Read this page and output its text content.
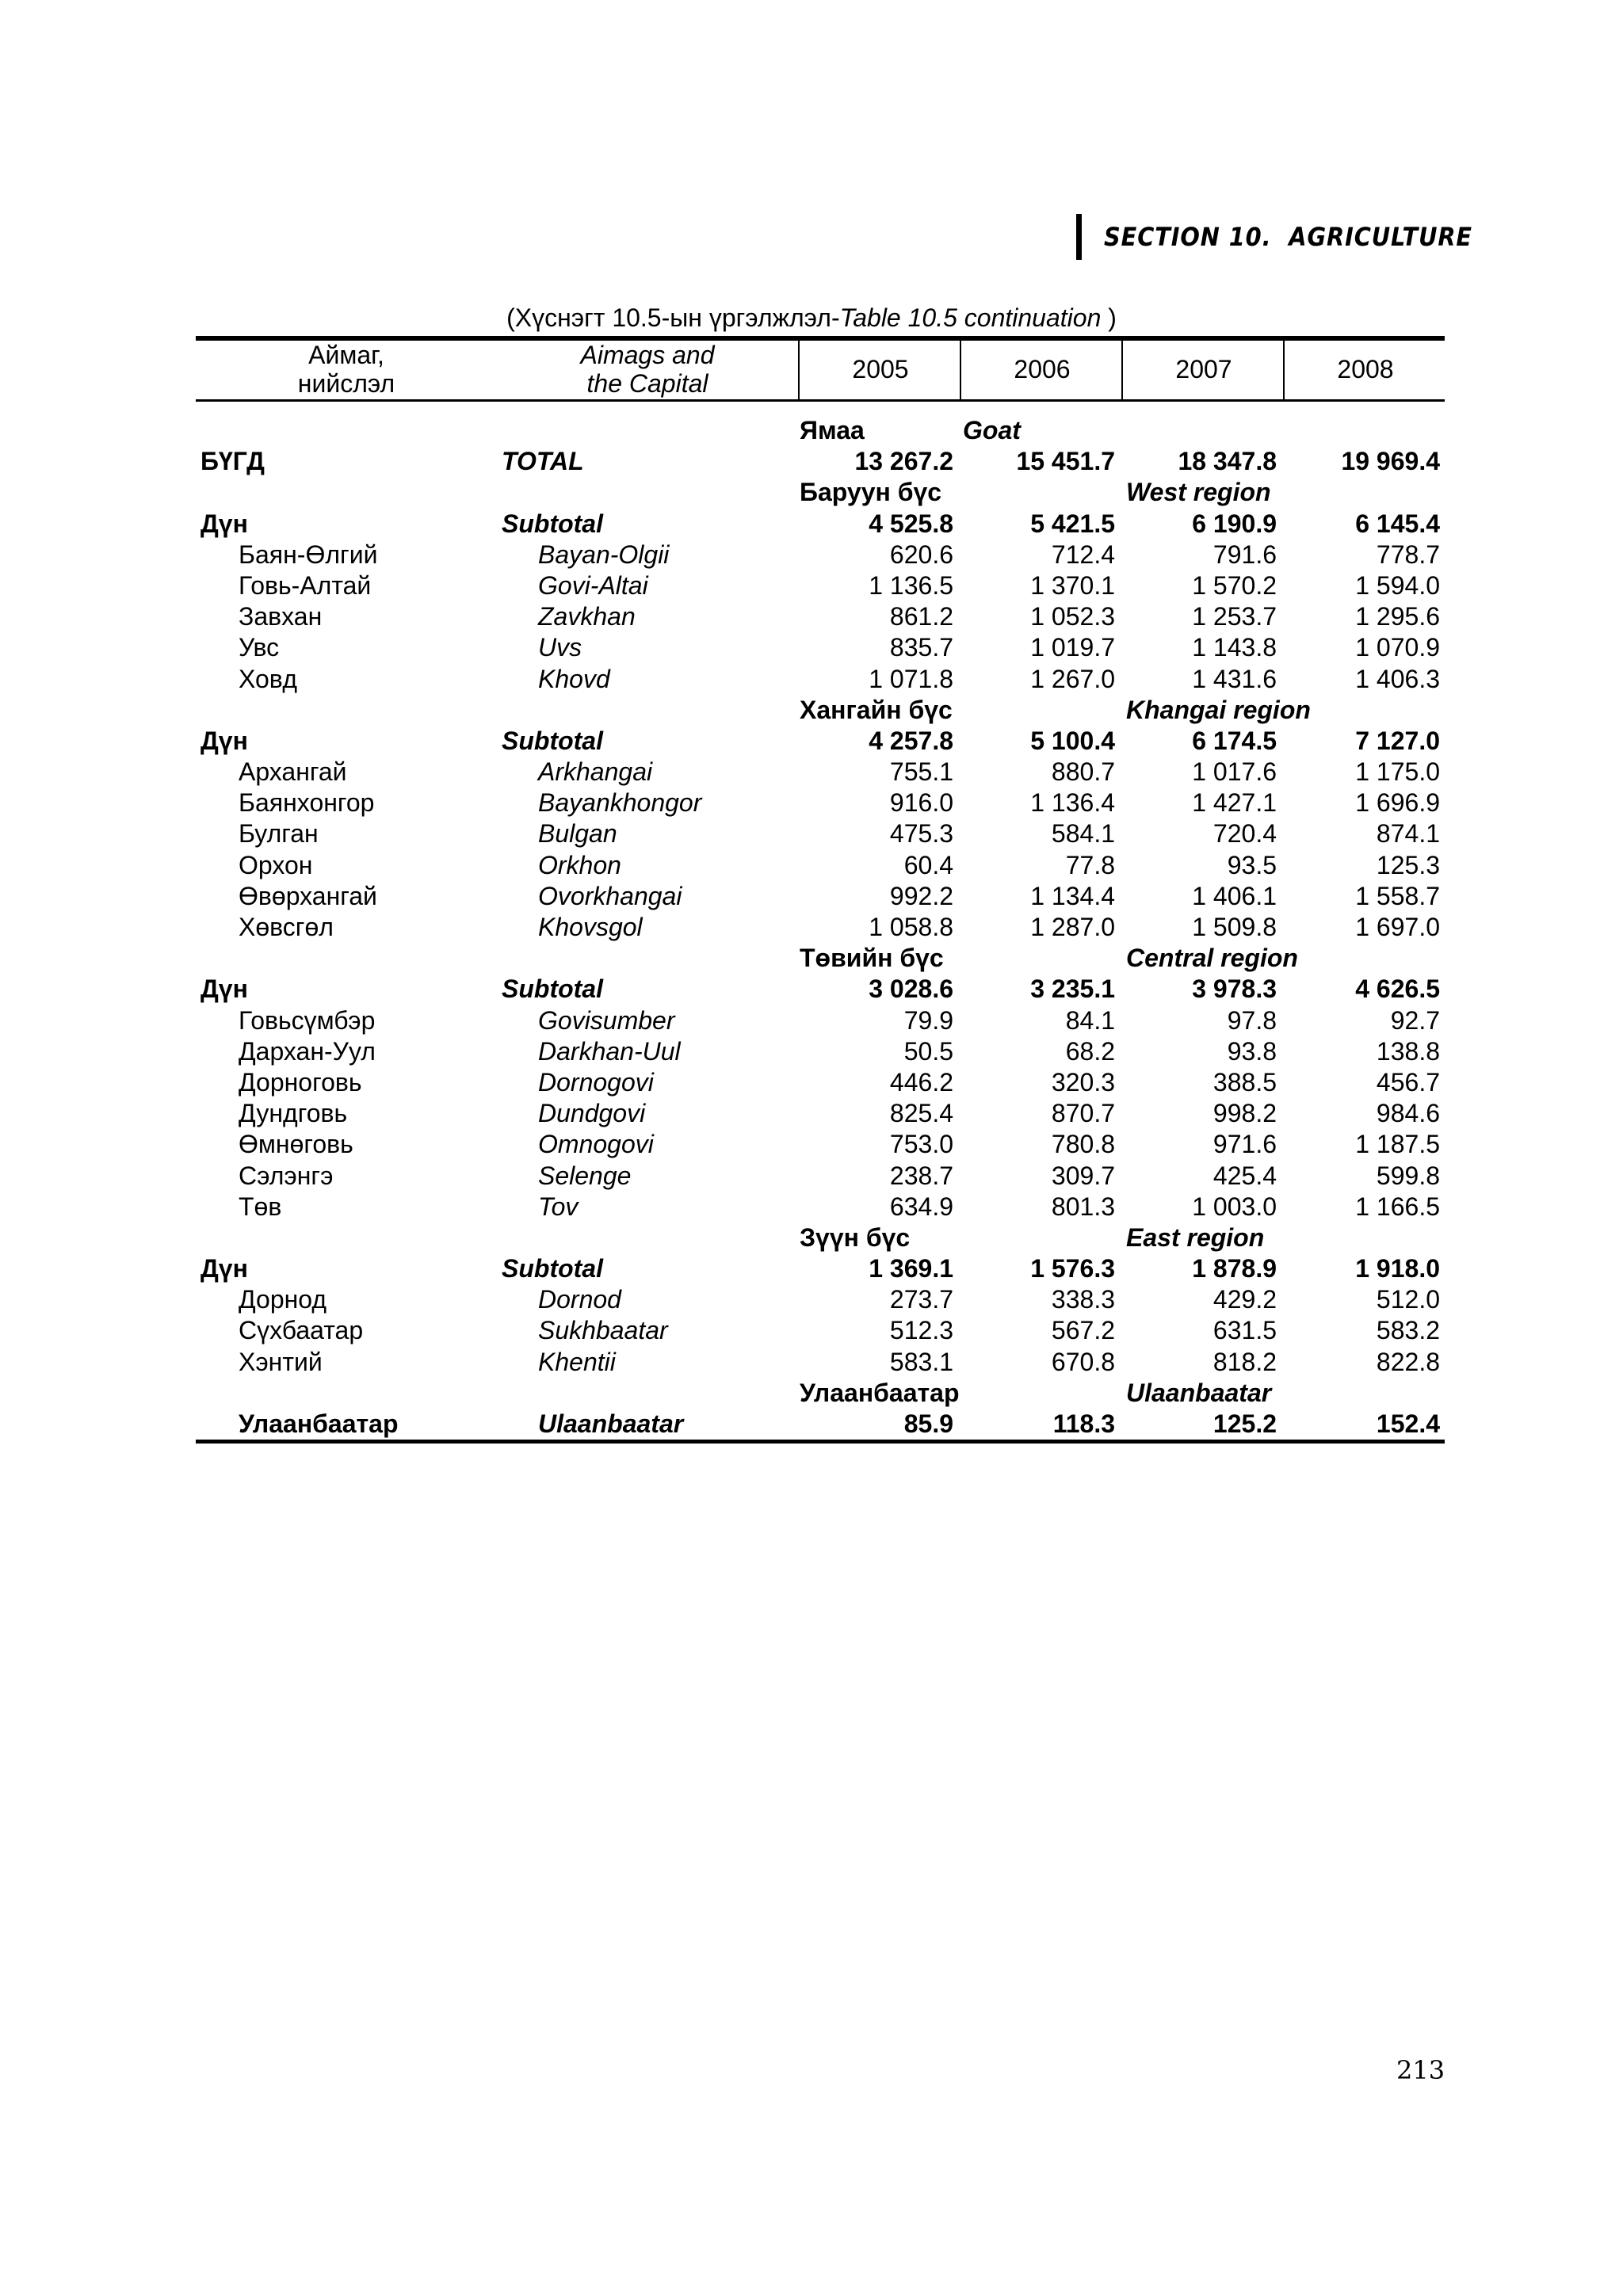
SECTION 10. AGRICULTURE
(Хүснэгт 10.5-ын үргэлжлэл-Table 10.5 continuation )
Аймаг,
нийслэл
Aimags and
the Capital	2005	2006	2007	2008
Ямаа	Goat
БҮГД	TOTAL	13 267.2	15 451.7	18 347.8	19 969.4
Баруун бүс	West region
Дүн	Subtotal	4 525.8	5 421.5	6 190.9	6 145.4
Баян-Өлгий	Bayan-Olgii	620.6	712.4	791.6	778.7
Говь-Алтай	Govi-Altai	1 136.5	1 370.1	1 570.2	1 594.0
Завхан	Zavkhan	861.2	1 052.3	1 253.7	1 295.6
Увс	Uvs	835.7	1 019.7	1 143.8	1 070.9
Ховд	Khovd	1 071.8	1 267.0	1 431.6	1 406.3
Хангайн бүс	Khangai region
Дүн	Subtotal	4 257.8	5 100.4	6 174.5	7 127.0
Архангай	Arkhangai	755.1	880.7	1 017.6	1 175.0
Баянхонгор	Bayankhongor	916.0	1 136.4	1 427.1	1 696.9
Булган	Bulgan	475.3	584.1	720.4	874.1
Орхон	Orkhon	60.4	77.8	93.5	125.3
Өвөрхангай	Ovorkhangai	992.2	1 134.4	1 406.1	1 558.7
Хөвсгөл	Khovsgol	1 058.8	1 287.0	1 509.8	1 697.0
Төвийн бүс	Central region
Дүн	Subtotal	3 028.6	3 235.1	3 978.3	4 626.5
Говьсүмбэр	Govisumber	79.9	84.1	97.8	92.7
Дархан-Уул	Darkhan-Uul	50.5	68.2	93.8	138.8
Дорноговь	Dornogovi	446.2	320.3	388.5	456.7
Дундговь	Dundgovi	825.4	870.7	998.2	984.6
Өмнөговь	Omnogovi	753.0	780.8	971.6	1 187.5
Сэлэнгэ	Selenge	238.7	309.7	425.4	599.8
Төв	Tov	634.9	801.3	1 003.0	1 166.5
Зүүн бүс	East region
Дүн	Subtotal	1 369.1	1 576.3	1 878.9	1 918.0
Дорнод	Dornod	273.7	338.3	429.2	512.0
Сүхбаатар	Sukhbaatar	512.3	567.2	631.5	583.2
Хэнтий	Khentii	583.1	670.8	818.2	822.8
Улаанбаатар	Ulaanbaatar
Улаанбаатар	Ulaanbaatar	85.9	118.3	125.2	152.4
213
